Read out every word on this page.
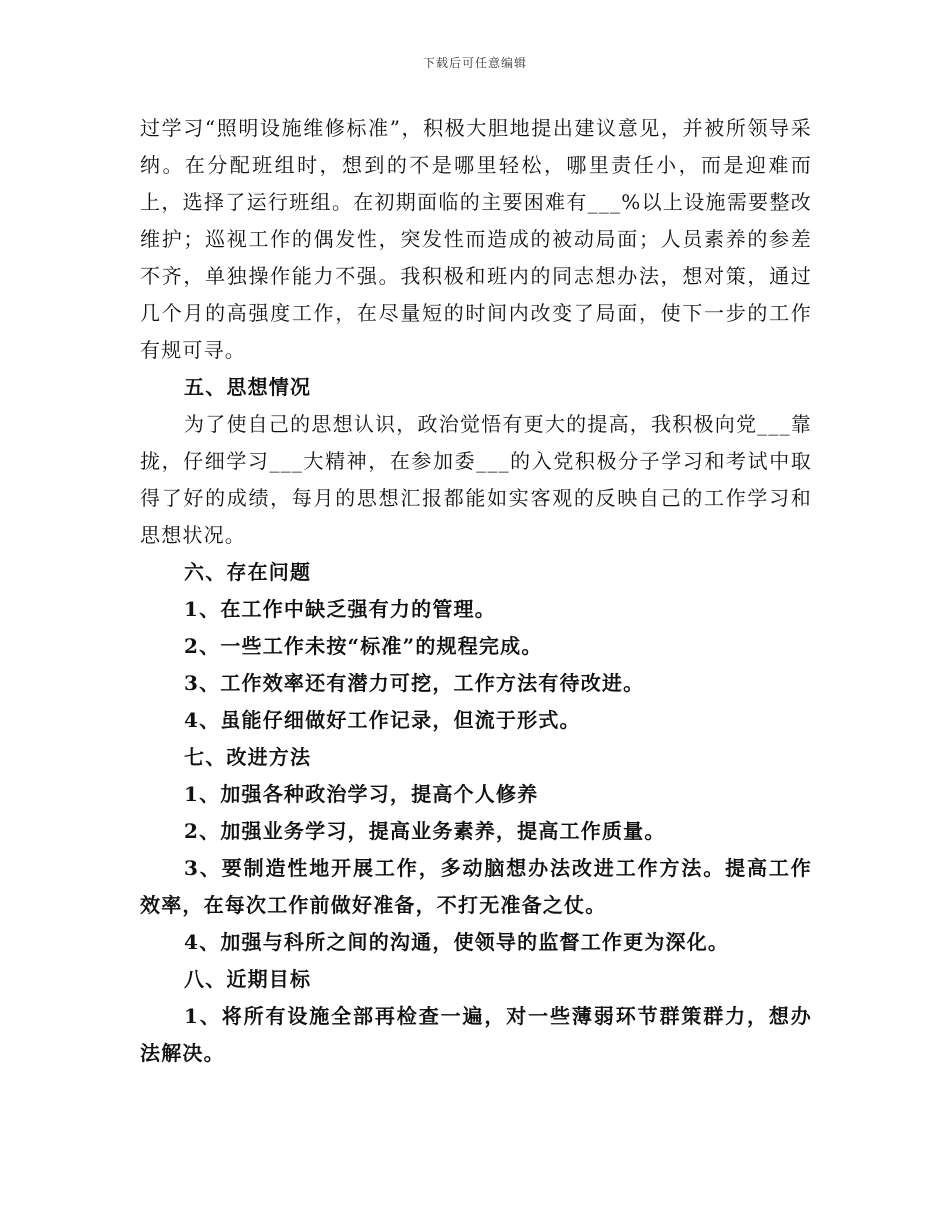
下载后可任意编辑

过学习“照明设施维修标准”，积极大胆地提出建议意见，并被所领导采纳。在分配班组时，想到的不是哪里轻松，哪里责任小，而是迎难而上，选择了运行班组。在初期面临的主要困难有___%以上设施需要整改维护；巡视工作的偶发性，突发性而造成的被动局面；人员素养的参差不齐，单独操作能力不强。我积极和班内的同志想办法，想对策，通过几个月的高强度工作，在尽量短的时间内改变了局面，使下一步的工作有规可寻。

五、思想情况

为了使自己的思想认识，政治觉悟有更大的提高，我积极向党___靠拢，仔细学习___大精神，在参加委___的入党积极分子学习和考试中取得了好的成绩，每月的思想汇报都能如实客观的反映自己的工作学习和思想状况。

六、存在问题

1、在工作中缺乏强有力的管理。

2、一些工作未按“标准”的规程完成。

3、工作效率还有潜力可挖，工作方法有待改进。

4、虽能仔细做好工作记录，但流于形式。

七、改进方法

1、加强各种政治学习，提高个人修养

2、加强业务学习，提高业务素养，提高工作质量。

3、要制造性地开展工作，多动脑想办法改进工作方法。提高工作效率，在每次工作前做好准备，不打无准备之仗。

4、加强与科所之间的沟通，使领导的监督工作更为深化。

八、近期目标

1、将所有设施全部再检查一遍，对一些薄弱环节群策群力，想办法解决。
